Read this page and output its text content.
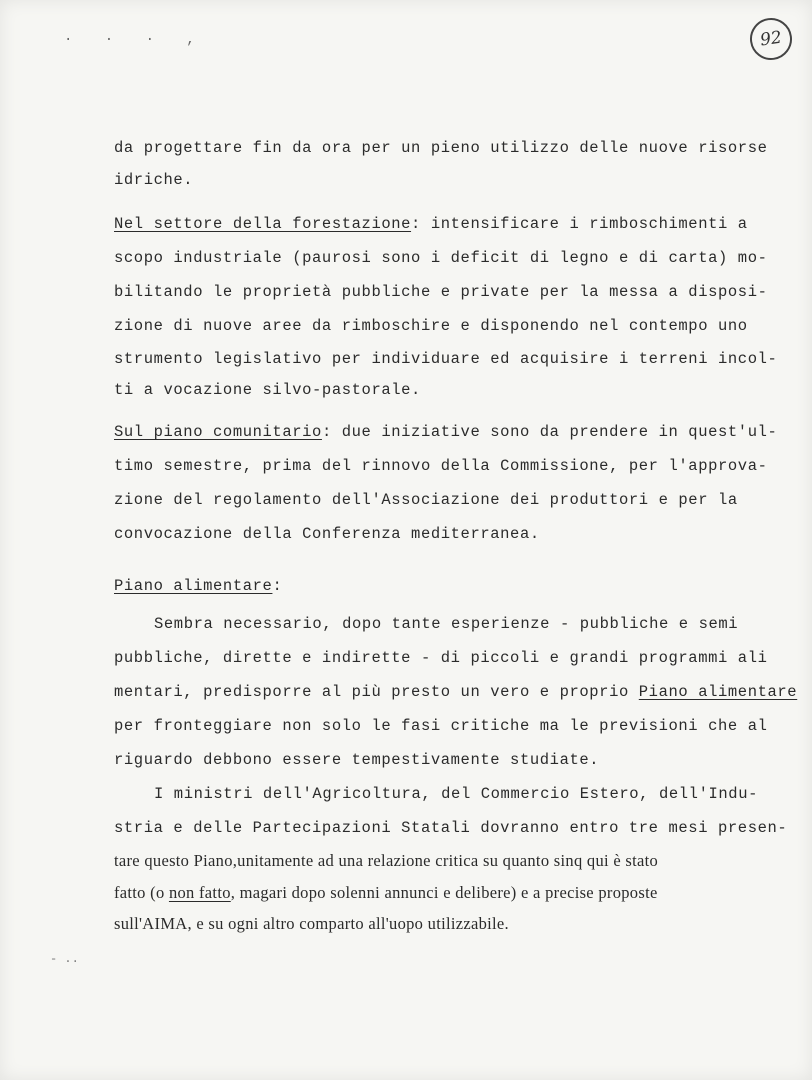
· · · ,	92
da progettare fin da ora per un pieno utilizzo delle nuove risorse
idriche.
Nel settore della forestazione: intensificare i rimboschimenti a
scopo industriale (paurosi sono i deficit di legno e di carta) mo-
bilitando le proprietà pubbliche e private per la messa a disposi-
zione di nuove aree da rimboschire e disponendo nel contempo uno
strumento legislativo per individuare ed acquisire i terreni incol-
ti a vocazione silvo-pastorale.
Sul piano comunitario: due iniziative sono da prendere in quest'ul-
timo semestre, prima del rinnovo della Commissione, per l'approva-
zione del regolamento dell'Associazione dei produttori e per la
convocazione della Conferenza mediterranea.
Piano alimentare:
Sembra necessario, dopo tante esperienze - pubbliche e semi
pubbliche, dirette e indirette - di piccoli e grandi programmi ali
mentari, predisporre al più presto un vero e proprio Piano alimentare
per fronteggiare non solo le fasi critiche ma le previsioni che al
riguardo debbono essere tempestivamente studiate.
I ministri dell'Agricoltura, del Commercio Estero, dell'Indu-
stria e delle Partecipazioni Statali dovranno entro tre mesi presen-
tare questo Piano,unitamente ad una relazione critica su quanto sinq qui è stato
fatto (o non fatto, magari dopo solenni annunci e delibere) e a precise proposte
sull'AIMA, e su ogni altro comparto all'uopo utilizzabile.
- ..
